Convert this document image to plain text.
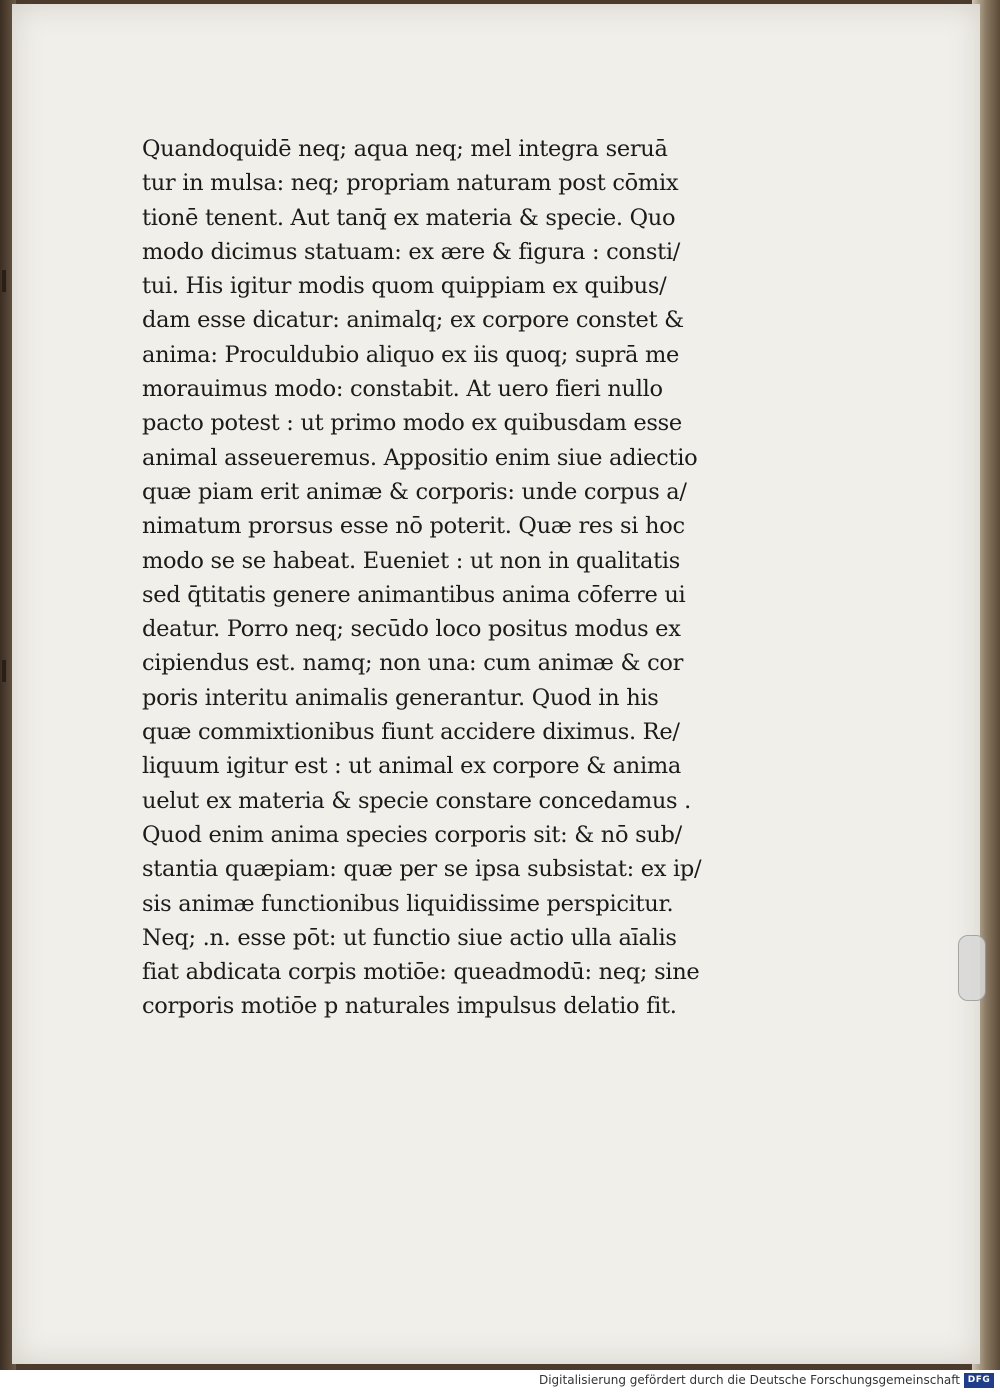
Quandoquidē neq; aqua neq; mel integra seruā
tur in mulsa: neq; propriam naturam post cōmix
tionē tenent. Aut tanq̄ ex materia & specie. Quo
modo dicimus statuam: ex ære & figura : consti/
tui. His igitur modis quom quippiam ex quibus/
dam esse dicatur: animalq; ex corpore constet &
anima: Proculdubio aliquo ex iis quoq; suprā me
morauimus modo: constabit. At uero fieri nullo
pacto potest : ut primo modo ex quibusdam esse
animal asseueremus. Appositio enim siue adiectio
quæ piam erit animæ & corporis: unde corpus a/
nimatum prorsus esse nō poterit. Quæ res si hoc
modo se se habeat. Eueniet : ut non in qualitatis
sed q̄titatis genere animantibus anima cōferre ui
deatur. Porro neq; secūdo loco positus modus ex
cipiendus est. namq; non una: cum animæ & cor
poris interitu animalis generantur. Quod in his
quæ commixtionibus fiunt accidere diximus. Re/
liquum igitur est : ut animal ex corpore & anima
uelut ex materia & specie constare concedamus .
Quod enim anima species corporis sit: & nō sub/
stantia quæpiam: quæ per se ipsa subsistat: ex ip/
sis animæ functionibus liquidissime perspicitur.
Neq; .n. esse pōt: ut functio siue actio ulla aīalis
fiat abdicata corpis motiōe: queadmodū: neq; sine
corporis motiōe p naturales impulsus delatio fit.
Digitalisierung gefördert durch die Deutsche Forschungsgemeinschaft DFG
